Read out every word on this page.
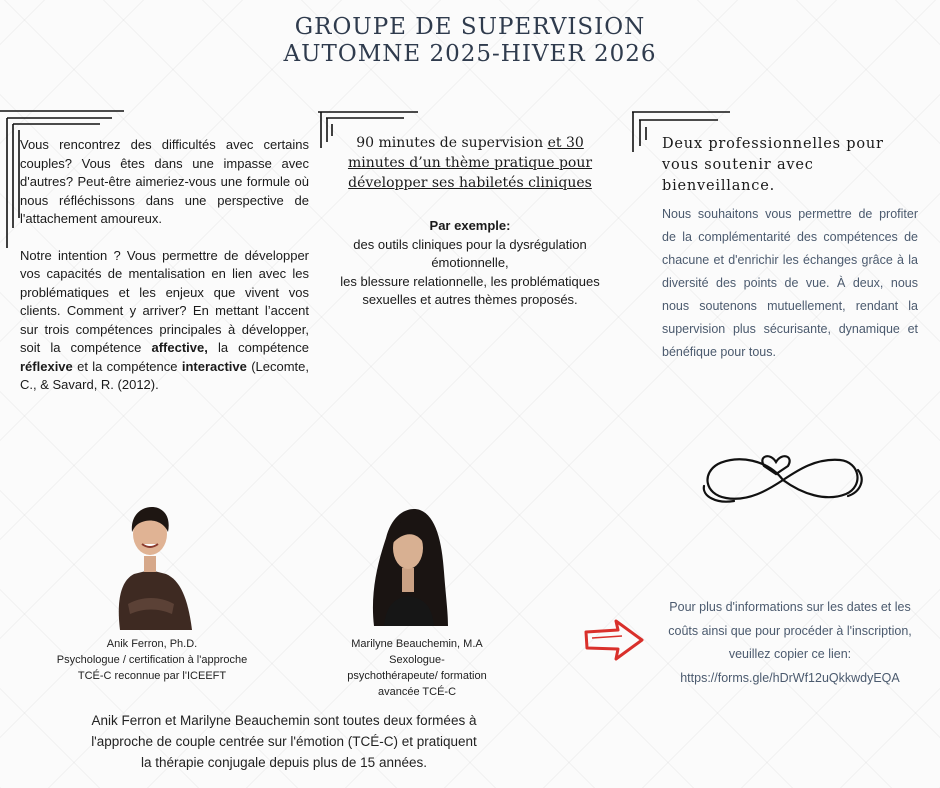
GROUPE DE SUPERVISION
AUTOMNE 2025-HIVER 2026

Vous rencontrez des difficultés avec certains couples? Vous êtes dans une impasse avec d'autres? Peut-être aimeriez-vous une formule où nous réfléchissons dans une perspective de l'attachement amoureux.

Notre intention ? Vous permettre de développer vos capacités de mentalisation en lien avec les problématiques et les enjeux que vivent vos clients. Comment y arriver? En mettant l’accent sur trois compétences principales à développer, soit la compétence affective, la compétence réflexive et la compétence interactive (Lecomte, C., & Savard, R. (2012).

90 minutes de supervision et 30 minutes d’un thème pratique pour développer ses habiletés cliniques
Par exemple:
des outils cliniques pour la dysrégulation émotionnelle,
les blessure relationnelle, les problématiques sexuelles et autres thèmes proposés.
Deux professionnelles pour vous soutenir avec bienveillance.
Nous souhaitons vous permettre de profiter de la complémentarité des compétences de chacune et d'enrichir les échanges grâce à la diversité des points de vue. À deux, nous nous soutenons mutuellement, rendant la supervision plus sécurisante, dynamique et bénéfique pour tous.
Anik Ferron, Ph.D.
Psychologue / certification à l'approche
TCÉ-C reconnue par l'ICEEFT
Marilyne Beauchemin, M.A
Sexologue-
psychothérapeute/ formation
avancée TCÉ-C
Pour plus d'informations sur les dates et les coûts ainsi que pour procéder à l'inscription, veuillez copier ce lien:
https://forms.gle/hDrWf12uQkkwdyEQA
Anik Ferron et Marilyne Beauchemin sont toutes deux formées à
l'approche de couple centrée sur l'émotion (TCÉ-C) et pratiquent
la thérapie conjugale depuis plus de 15 années.
